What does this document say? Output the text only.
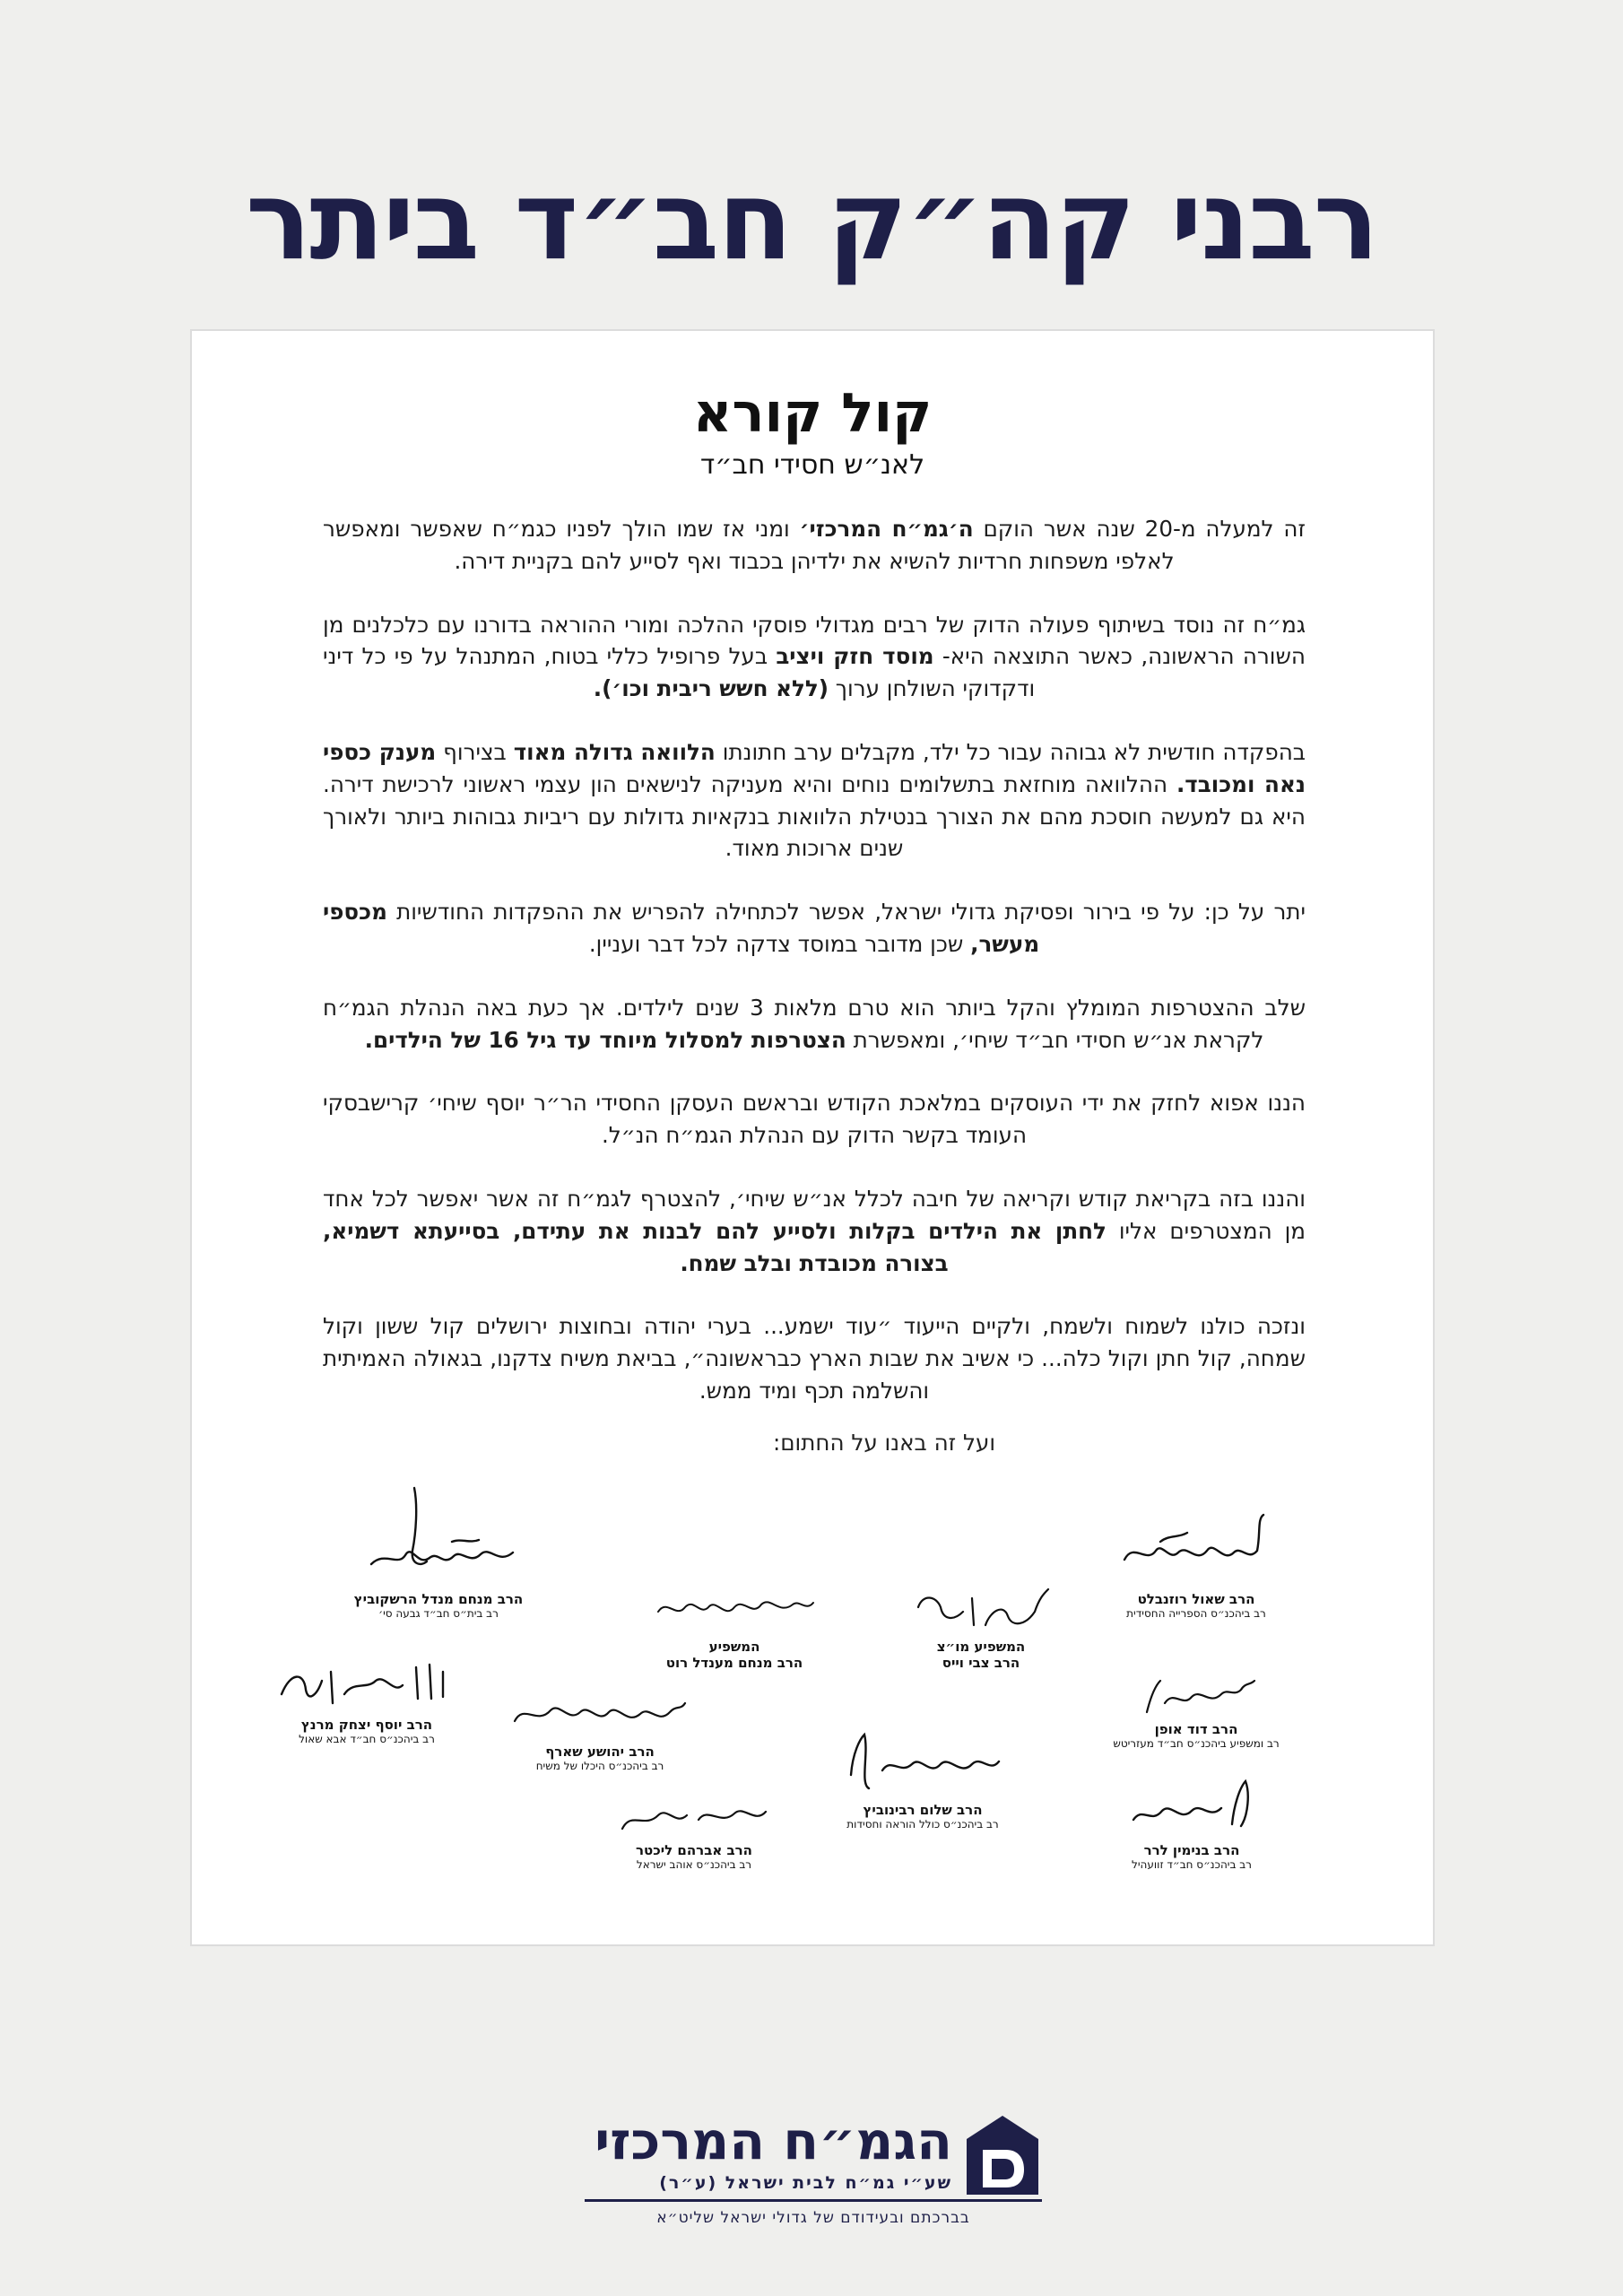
רבני קה״ק חב״ד ביתר
קול קורא
לאנ״ש חסידי חב״ד

זה למעלה מ-20 שנה אשר הוקם ה׳גמ״ח המרכזי׳ ומני אז שמו הולך לפניו כגמ״ח שאפשר ומאפשר לאלפי משפחות חרדיות להשיא את ילדיהן בכבוד ואף לסייע להם בקניית דירה.

גמ״ח זה נוסד בשיתוף פעולה הדוק של רבים מגדולי פוסקי ההלכה ומורי ההוראה בדורנו עם כלכלנים מן השורה הראשונה, כאשר התוצאה היא- מוסד חזק ויציב בעל פרופיל כללי בטוח, המתנהל על פי כל דיני ודקדוקי השולחן ערוך (ללא חשש ריבית וכו׳).

בהפקדה חודשית לא גבוהה עבור כל ילד, מקבלים ערב חתונתו הלוואה גדולה מאוד בצירוף מענק כספי נאה ומכובד. ההלוואה מוחזאת בתשלומים נוחים והיא מעניקה לנישאים הון עצמי ראשוני לרכישת דירה. היא גם למעשה חוסכת מהם את הצורך בנטילת הלוואות בנקאיות גדולות עם ריביות גבוהות ביותר ולאורך שנים ארוכות מאוד.

יתר על כן: על פי בירור ופסיקת גדולי ישראל, אפשר לכתחילה להפריש את ההפקדות החודשיות מכספי מעשר, שכן מדובר במוסד צדקה לכל דבר ועניין.

שלב ההצטרפות המומלץ והקל ביותר הוא טרם מלאות 3 שנים לילדים. אך כעת באה הנהלת הגמ״ח לקראת אנ״ש חסידי חב״ד שיחי׳, ומאפשרת הצטרפות למסלול מיוחד עד גיל 16 של הילדים.

הננו אפוא לחזק את ידי העוסקים במלאכת הקודש ובראשם העסקן החסידי הר״ר יוסף שיחי׳ קרישבסקי העומד בקשר הדוק עם הנהלת הגמ״ח הנ״ל.

והננו בזה בקריאת קודש וקריאה של חיבה לכלל אנ״ש שיחי׳, להצטרף לגמ״ח זה אשר יאפשר לכל אחד מן המצטרפים אליו לחתן את הילדים בקלות ולסייע להם לבנות את עתידם, בסייעתא דשמיא, בצורה מכובדת ובלב שמח.

ונזכה כולנו לשמוח ולשמח, ולקיים הייעוד ״עוד ישמע... בערי יהודה ובחוצות ירושלים קול ששון וקול שמחה, קול חתן וקול כלה... כי אשיב את שבות הארץ כבראשונה״, בביאת משיח צדקנו, בגאולה האמיתית והשלמה תכף ומיד ממש.

ועל זה באנו על החתום:
הרב מנחם מנדל הרשקוביץ
רב בית״ס חב״ד גבעה סי׳
הרב שאול רוזנבלט
רב ביהכנ״ס הספרייה החסידית
המשפיע
הרב מנחם מענדל רוט
המשפיע מו״צ
הרב צבי וייס
הרב יוסף יצחק מרנץ
רב ביהכנ״ס חב״ד אבא שאול
הרב יהושע שארף
רב ביהכנ״ס היכלו של משיח
הרב דוד אופן
רב ומשפיע ביהכנ״ס חב״ד מעזריטש
הרב שלום רבינוביץ
רב ביהכנ״ס כולל הוראה וחסידות
הרב אברהם ליכטר
רב ביהכנ״ס אוהב ישראל
הרב בנימין לרר
רב ביהכנ״ס חב״ד זוועהיל
הגמ״ח המרכזי
שע״י גמ״ח לבית ישראל (ע״ר)
בברכתם ובעידודם של גדולי ישראל שליט״א
